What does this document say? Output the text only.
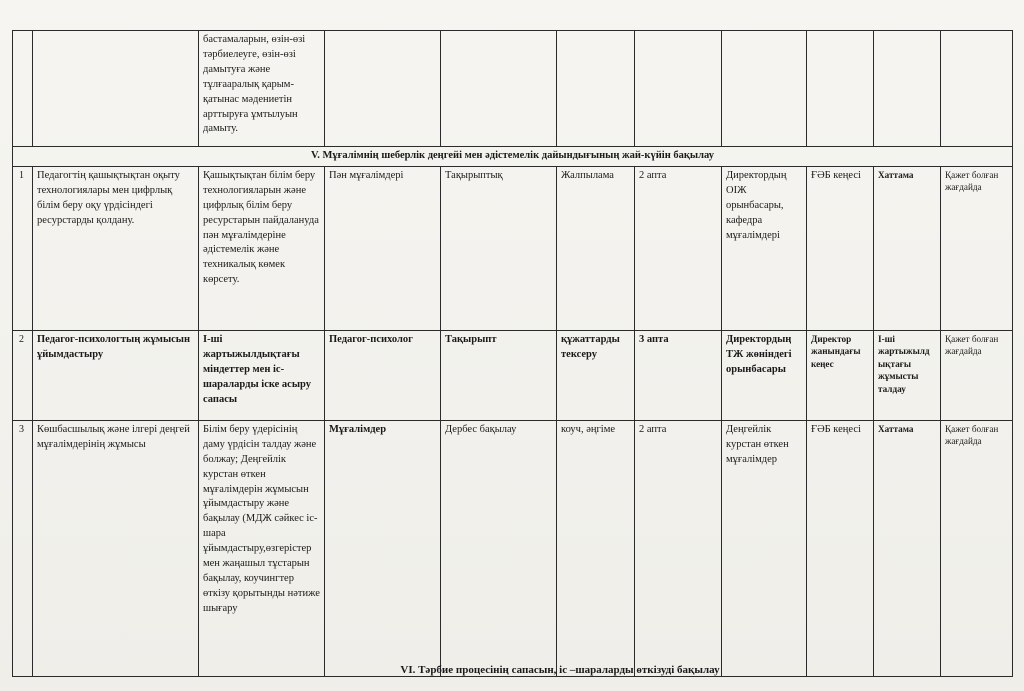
		бастамаларын, өзін-өзі тәрбиелеуге, өзін-өзі дамытуға және тұлғааралық қарым-қатынас мәдениетін арттыруға ұмтылуын дамыту.								
V. Мұғалімнің шеберлік деңгейі мен әдістемелік дайындығының жай-күйін бақылау										
1	Педагогтің қашықтықтан оқыту технологиялары мен цифрлық білім беру оқу үрдісіндегі ресурстарды қолдану.	Қашықтықтан білім беру технологияларын және цифрлық білім беру ресурстарын пайдалануда пән мұғалімдеріне әдістемелік және техникалық көмек көрсету.	Пән мұғалімдері	Тақырыптық	Жалпылама	2 апта	Директордың ОІЖ орынбасары, кафедра мұғалімдері	ҒӘБ кеңесі	Хаттама	Қажет болған жағдайда
2	Педагог-психологтың жұмысын ұйымдастыру	І-ші жартыжылдықтағы міндеттер мен іс-шараларды іске асыру сапасы	Педагог-психолог	Тақырыпт	құжаттарды тексеру	3 апта	Директордың ТЖ жөніндегі орынбасары	Директор жанындағы кеңес	І-ші жартыжылдықтағы жұмысты талдау	Қажет болған жағдайда
3	Көшбасшылық және ілгері деңгей мұғалімдерінің жұмысы	Білім беру үдерісінің даму үрдісін талдау және болжау; Деңгейлік курстан өткен мұғалімдерін жұмысын ұйымдастыру және бақылау (МДЖ сәйкес іс-шара ұйымдастыру,өзгерістер мен жаңашыл тұстарын бақылау, коучингтер өткізу қорытынды нәтиже шығару	Мұғалімдер	Дербес бақылау	коуч, әңгіме	2 апта	Деңгейлік курстан өткен мұғалімдер	ҒӘБ кеңесі	Хаттама	Қажет болған жағдайда
VI. Тәрбие процесінің сапасын, іс –шараларды өткізуді бақылау
